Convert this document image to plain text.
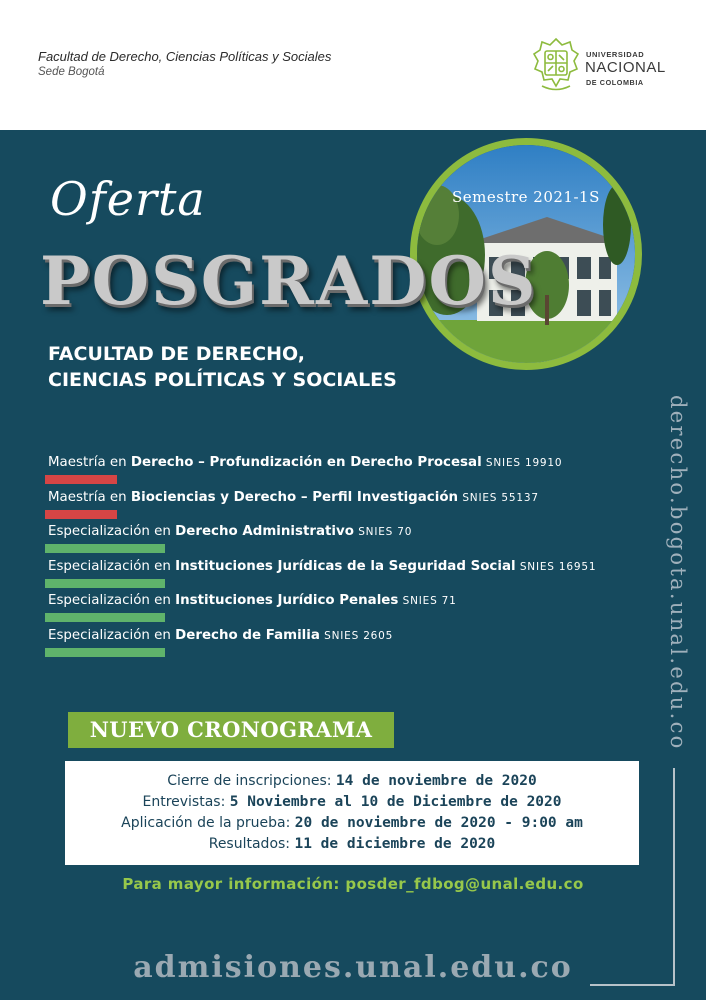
Facultad de Derecho, Ciencias Políticas y Sociales
Sede Bogotá
UNIVERSIDAD
NACIONAL
DE COLOMBIA
Semestre 2021-1S
Oferta
POSGRADOS
FACULTAD DE DERECHO,
CIENCIAS POLÍTICAS Y SOCIALES
Maestría en Derecho – Profundización en Derecho Procesal SNIES 19910
Maestría en Biociencias y Derecho – Perfil Investigación SNIES 55137
Especialización en Derecho Administrativo SNIES 70
Especialización en Instituciones Jurídicas de la Seguridad Social SNIES 16951
Especialización en Instituciones Jurídico Penales SNIES 71
Especialización en Derecho de Familia SNIES 2605
NUEVO CRONOGRAMA
Cierre de inscripciones: 14 de noviembre de 2020
Entrevistas: 5 Noviembre al 10 de Diciembre de 2020
Aplicación de la prueba: 20 de noviembre de 2020 - 9:00 am
Resultados: 11 de diciembre de 2020
Para mayor información: posder_fdbog@unal.edu.co
derecho.bogota.unal.edu.co
admisiones.unal.edu.co
